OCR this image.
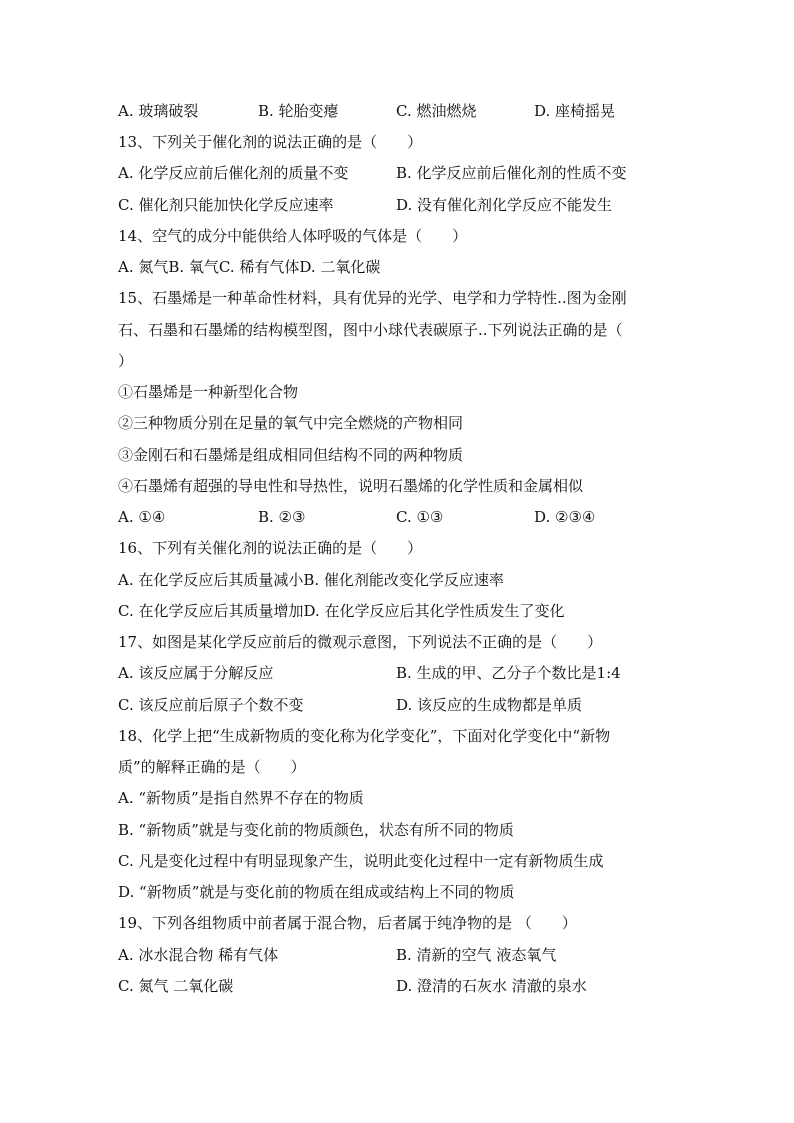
A. 玻璃破裂	B. 轮胎变瘪	C. 燃油燃烧	D. 座椅摇晃
13、下列关于催化剂的说法正确的是（　　）
A. 化学反应前后催化剂的质量不变	B. 化学反应前后催化剂的性质不变
C. 催化剂只能加快化学反应速率	D. 没有催化剂化学反应不能发生
14、空气的成分中能供给人体呼吸的气体是（　　）
A. 氮气B. 氧气C. 稀有气体D. 二氧化碳
15、石墨烯是一种革命性材料，具有优异的光学、电学和力学特性..图为金刚
石、石墨和石墨烯的结构模型图，图中小球代表碳原子..下列说法正确的是（
）
①石墨烯是一种新型化合物
②三种物质分别在足量的氧气中完全燃烧的产物相同
③金刚石和石墨烯是组成相同但结构不同的两种物质
④石墨烯有超强的导电性和导热性，说明石墨烯的化学性质和金属相似
A. ①④	B. ②③	C. ①③	D. ②③④
16、下列有关催化剂的说法正确的是（　　）
A. 在化学反应后其质量减小B. 催化剂能改变化学反应速率
C. 在化学反应后其质量增加D. 在化学反应后其化学性质发生了变化
17、如图是某化学反应前后的微观示意图，下列说法不正确的是（　　）
A. 该反应属于分解反应	B. 生成的甲、乙分子个数比是1:4
C. 该反应前后原子个数不变	D. 该反应的生成物都是单质
18、化学上把“生成新物质的变化称为化学变化”，下面对化学变化中“新物
质”的解释正确的是（　　）
A. “新物质”是指自然界不存在的物质
B. “新物质”就是与变化前的物质颜色，状态有所不同的物质
C. 凡是变化过程中有明显现象产生，说明此变化过程中一定有新物质生成
D. “新物质”就是与变化前的物质在组成或结构上不同的物质
19、下列各组物质中前者属于混合物，后者属于纯净物的是 （　　）
A. 冰水混合物 稀有气体	B. 清新的空气 液态氧气
C. 氮气 二氧化碳	D. 澄清的石灰水 清澈的泉水
